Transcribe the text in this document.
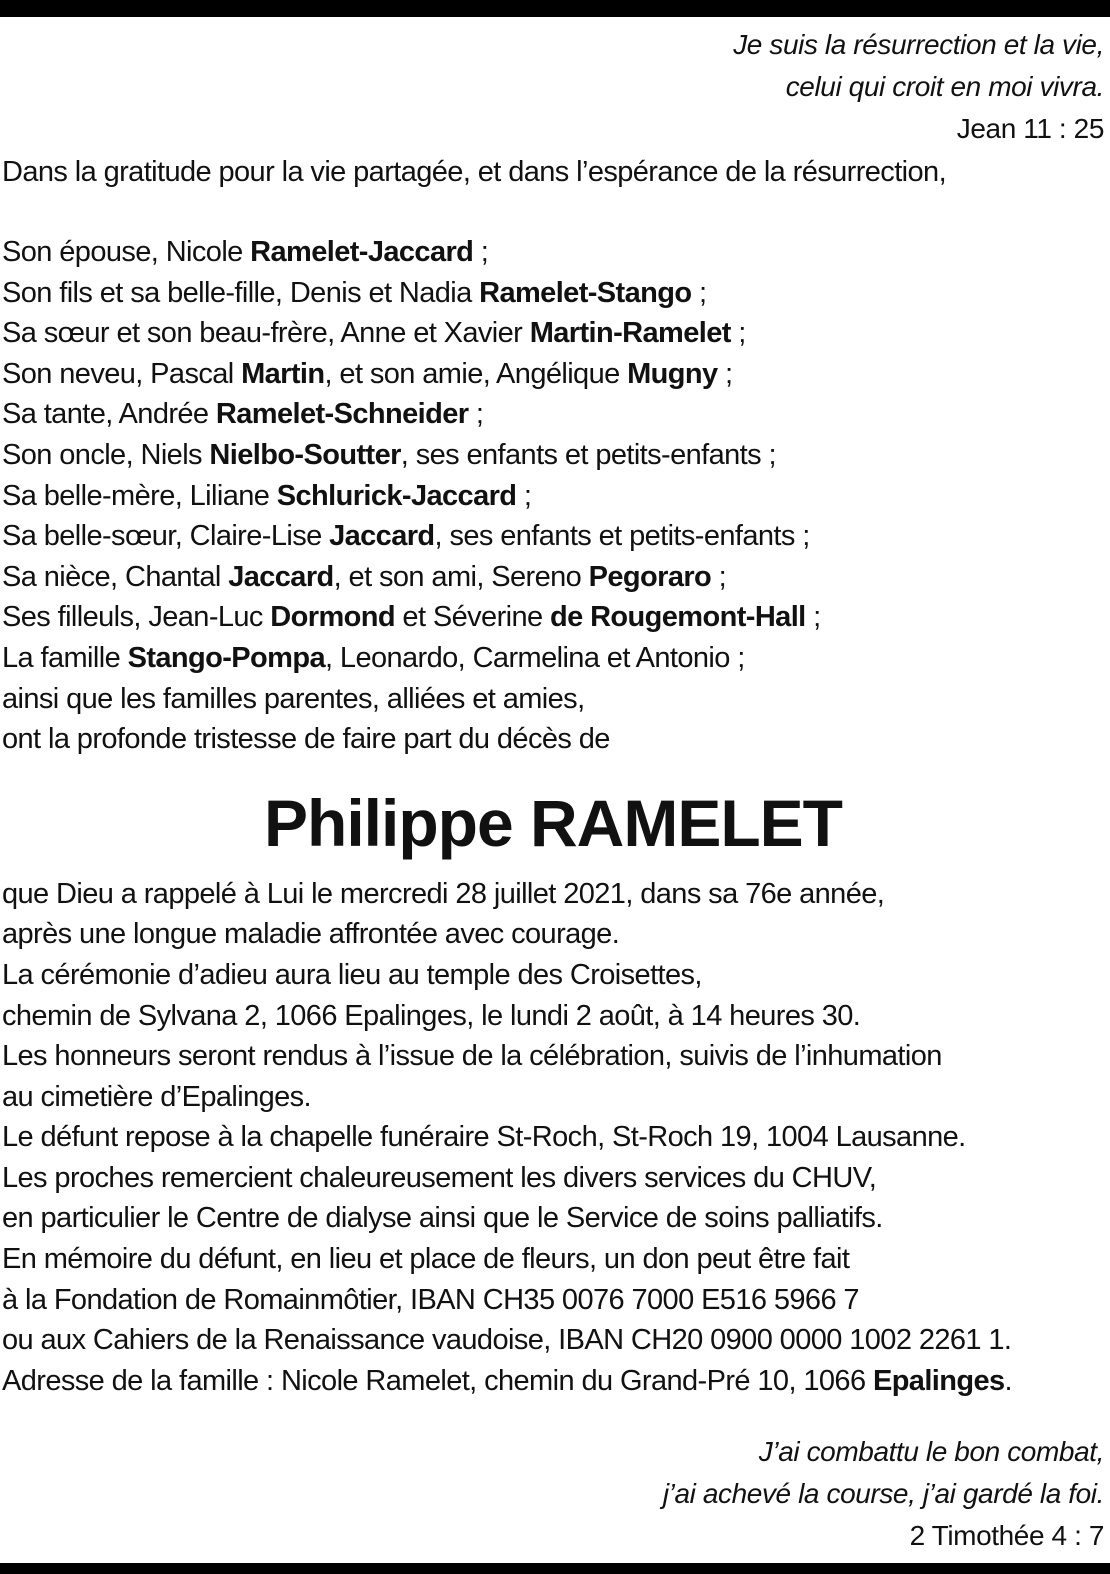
Je suis la résurrection et la vie,
celui qui croit en moi vivra.
Jean 11 : 25
Dans la gratitude pour la vie partagée, et dans l’espérance de la résurrection,
Son épouse, Nicole Ramelet-Jaccard ;
Son fils et sa belle-fille, Denis et Nadia Ramelet-Stango ;
Sa sœur et son beau-frère, Anne et Xavier Martin-Ramelet ;
Son neveu, Pascal Martin, et son amie, Angélique Mugny ;
Sa tante, Andrée Ramelet-Schneider ;
Son oncle, Niels Nielbo-Soutter, ses enfants et petits-enfants ;
Sa belle-mère, Liliane Schlurick-Jaccard ;
Sa belle-sœur, Claire-Lise Jaccard, ses enfants et petits-enfants ;
Sa nièce, Chantal Jaccard, et son ami, Sereno Pegoraro ;
Ses filleuls, Jean-Luc Dormond et Séverine de Rougemont-Hall ;
La famille Stango-Pompa, Leonardo, Carmelina et Antonio ;
ainsi que les familles parentes, alliées et amies,
ont la profonde tristesse de faire part du décès de
Philippe RAMELET
que Dieu a rappelé à Lui le mercredi 28 juillet 2021, dans sa 76e année,
après une longue maladie affrontée avec courage.
La cérémonie d’adieu aura lieu au temple des Croisettes,
chemin de Sylvana 2, 1066 Epalinges, le lundi 2 août, à 14 heures 30.
Les honneurs seront rendus à l’issue de la célébration, suivis de l’inhumation
au cimetière d’Epalinges.
Le défunt repose à la chapelle funéraire St-Roch, St-Roch 19, 1004 Lausanne.
Les proches remercient chaleureusement les divers services du CHUV,
en particulier le Centre de dialyse ainsi que le Service de soins palliatifs.
En mémoire du défunt, en lieu et place de fleurs, un don peut être fait
à la Fondation de Romainmôtier, IBAN CH35 0076 7000 E516 5966 7
ou aux Cahiers de la Renaissance vaudoise, IBAN CH20 0900 0000 1002 2261 1.
Adresse de la famille : Nicole Ramelet, chemin du Grand-Pré 10, 1066 Epalinges.
J’ai combattu le bon combat,
j’ai achevé la course, j’ai gardé la foi.
2 Timothée 4 : 7
